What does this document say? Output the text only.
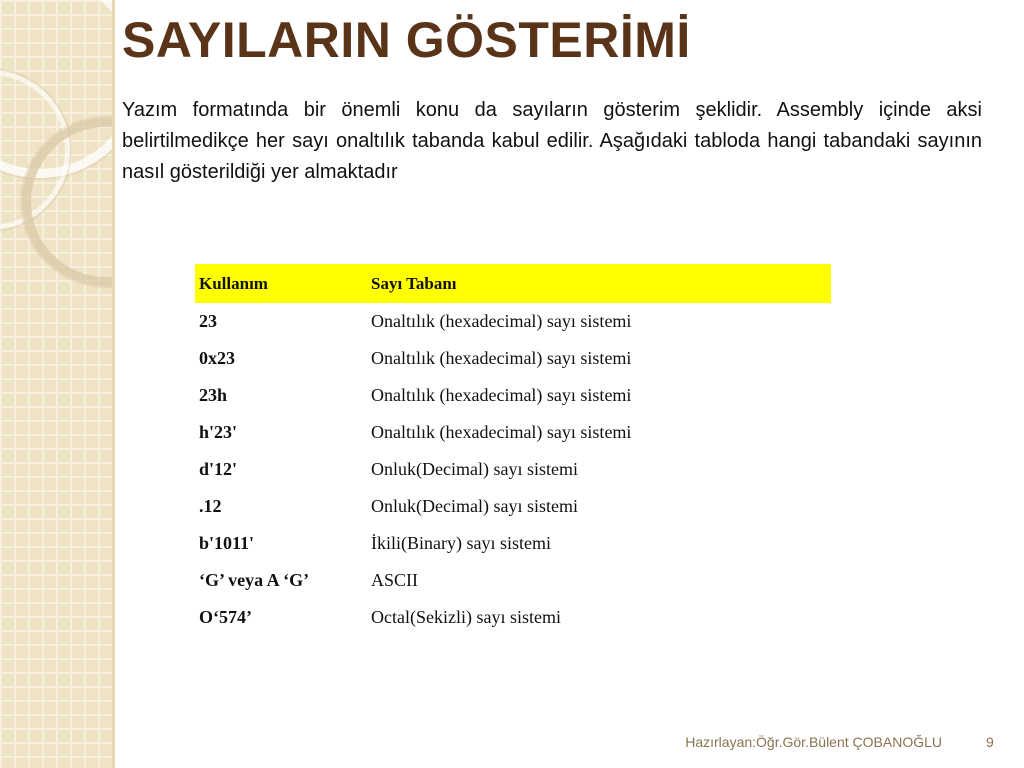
SAYILARIN GÖSTERİMİ

Yazım formatında bir önemli konu da sayıların gösterim şeklidir. Assembly içinde aksi belirtilmedikçe her sayı onaltılık tabanda kabul edilir. Aşağıdaki tabloda hangi tabandaki sayının nasıl gösterildiği yer almaktadır

Kullanım	Sayı Tabanı
23	Onaltılık (hexadecimal) sayı sistemi
0x23	Onaltılık (hexadecimal) sayı sistemi
23h	Onaltılık (hexadecimal) sayı sistemi
h'23'	Onaltılık (hexadecimal) sayı sistemi
d'12'	Onluk(Decimal) sayı sistemi
.12	Onluk(Decimal) sayı sistemi
b'1011'	İkili(Binary) sayı sistemi
‘G’ veya A ‘G’	ASCII
O‘574’	Octal(Sekizli) sayı sistemi
Hazırlayan:Öğr.Gör.Bülent ÇOBANOĞLU	9
